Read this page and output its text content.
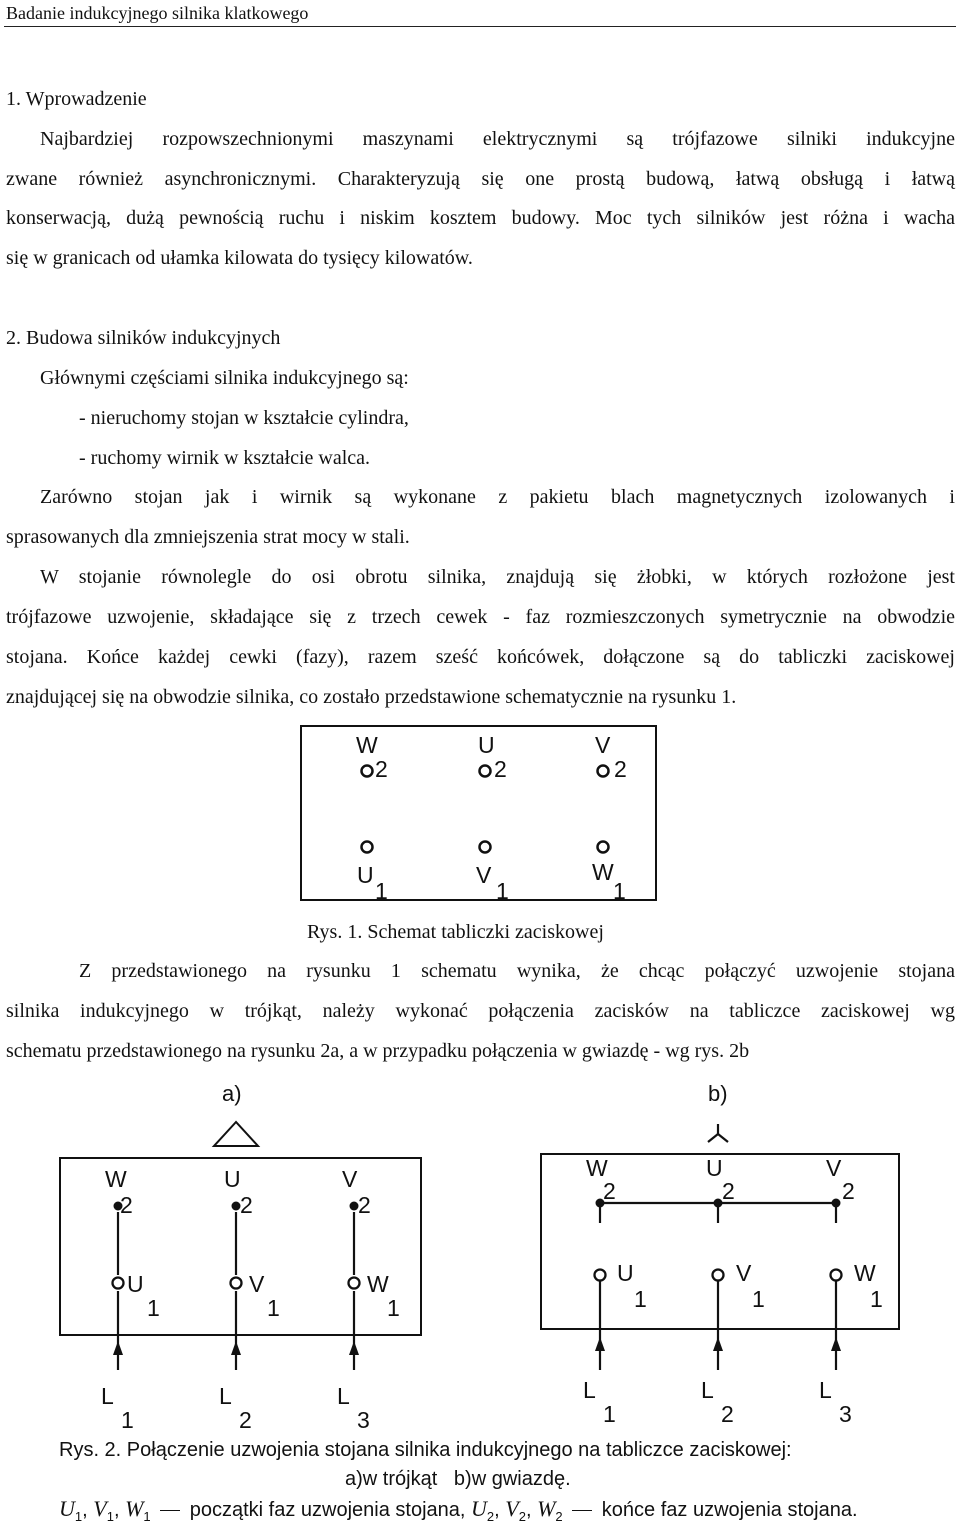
Badanie indukcyjnego silnika klatkowego
1. Wprowadzenie
Najbardziej rozpowszechnionymi maszynami elektrycznymi są trójfazowe silniki indukcyjne
zwane również asynchronicznymi. Charakteryzują się one prostą budową, łatwą obsługą i łatwą
konserwacją, dużą pewnością ruchu i niskim kosztem budowy. Moc tych silników jest różna i wacha
się w granicach od ułamka kilowata do tysięcy kilowatów.
2. Budowa silników indukcyjnych
Głównymi częściami silnika indukcyjnego są:
- nieruchomy stojan w kształcie cylindra,
- ruchomy wirnik w kształcie walca.
Zarówno stojan jak i wirnik są wykonane z pakietu blach magnetycznych izolowanych i
sprasowanych dla zmniejszenia strat mocy w stali.
W stojanie równolegle do osi obrotu silnika, znajdują się żłobki, w których rozłożone jest
trójfazowe uzwojenie, składające się z trzech cewek - faz rozmieszczonych symetrycznie na obwodzie
stojana. Końce każdej cewki (fazy), razem sześć końcówek, dołączone są do tabliczki zaciskowej
znajdującej się na obwodzie silnika, co zostało przedstawione schematycznie na rysunku 1.
W	U	V
2	2	2
U	V	W
1	1	1
Rys. 1. Schemat tabliczki zaciskowej
Z przedstawionego na rysunku 1 schematu wynika, że chcąc połączyć uzwojenie stojana
silnika indukcyjnego w trójkąt, należy wykonać połączenia zacisków na tabliczce zaciskowej wg
schematu przedstawionego na rysunku 2a, a w przypadku połączenia w gwiazdę - wg rys. 2b
a)	b)
W	U	V
2	2	2
U	V	W
1	1	1
L	L	L
1	2	3
W	U	V
2	2	2
U	V	W
1	1	1
L	L	L
1	2	3
Rys. 2. Połączenie uzwojenia stojana silnika indukcyjnego na tabliczce zaciskowej:
a)w trójkąt   b)w gwiazdę.
$U_1$, $V_1$, $W_1$ początki faz uzwojenia stojana, $U_2$, $V_2$, $W_2$ końce faz uzwojenia stojana.
